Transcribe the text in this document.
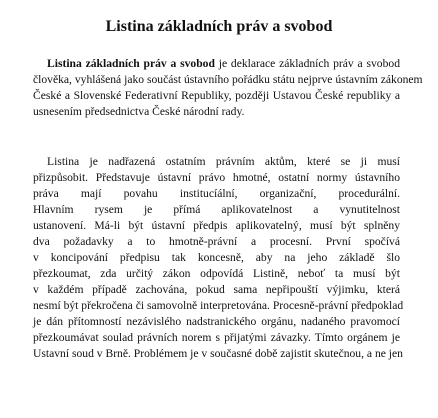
Listina základních práv a svobod
Listina základních práv a svobod je deklarace základních práv a svobod
člověka, vyhlášená jako součást ústavního pořádku státu nejprve ústavním zákonem
České a Slovenské Federativní Republiky, později Ustavou České republiky a
usnesením předsednictva České národní rady.
Listina je nadřazená ostatním právním aktům, které se ji musí
přizpůsobit. Představuje ústavní právo hmotné, ostatní normy ústavního
práva mají povahu institucíální, organizační, procedurální.
Hlavním rysem je přímá aplikovatelnost a vynutitelnost
ustanovení. Má-li být ústavní předpis aplikovatelný, musí být splněny
dva požadavky a to hmotně-právní a procesní. První spočívá
v koncipování předpisu tak koncesně, aby na jeho základě šlo
přezkoumat, zda určitý zákon odpovídá Listině, neboť ta musí být
v každém případě zachována, pokud sama nepřipouští výjimku, která
nesmí být překročena či samovolně interpretována. Procesně-právní předpoklad
je dán přítomností nezávislého nadstranického orgánu, nadaného pravomocí
přezkoumávat soulad právních norem s přijatými závazky. Tímto orgánem je
Ustavní soud v Brně. Problémem je v současné době zajistit skutečnou, a ne jen
